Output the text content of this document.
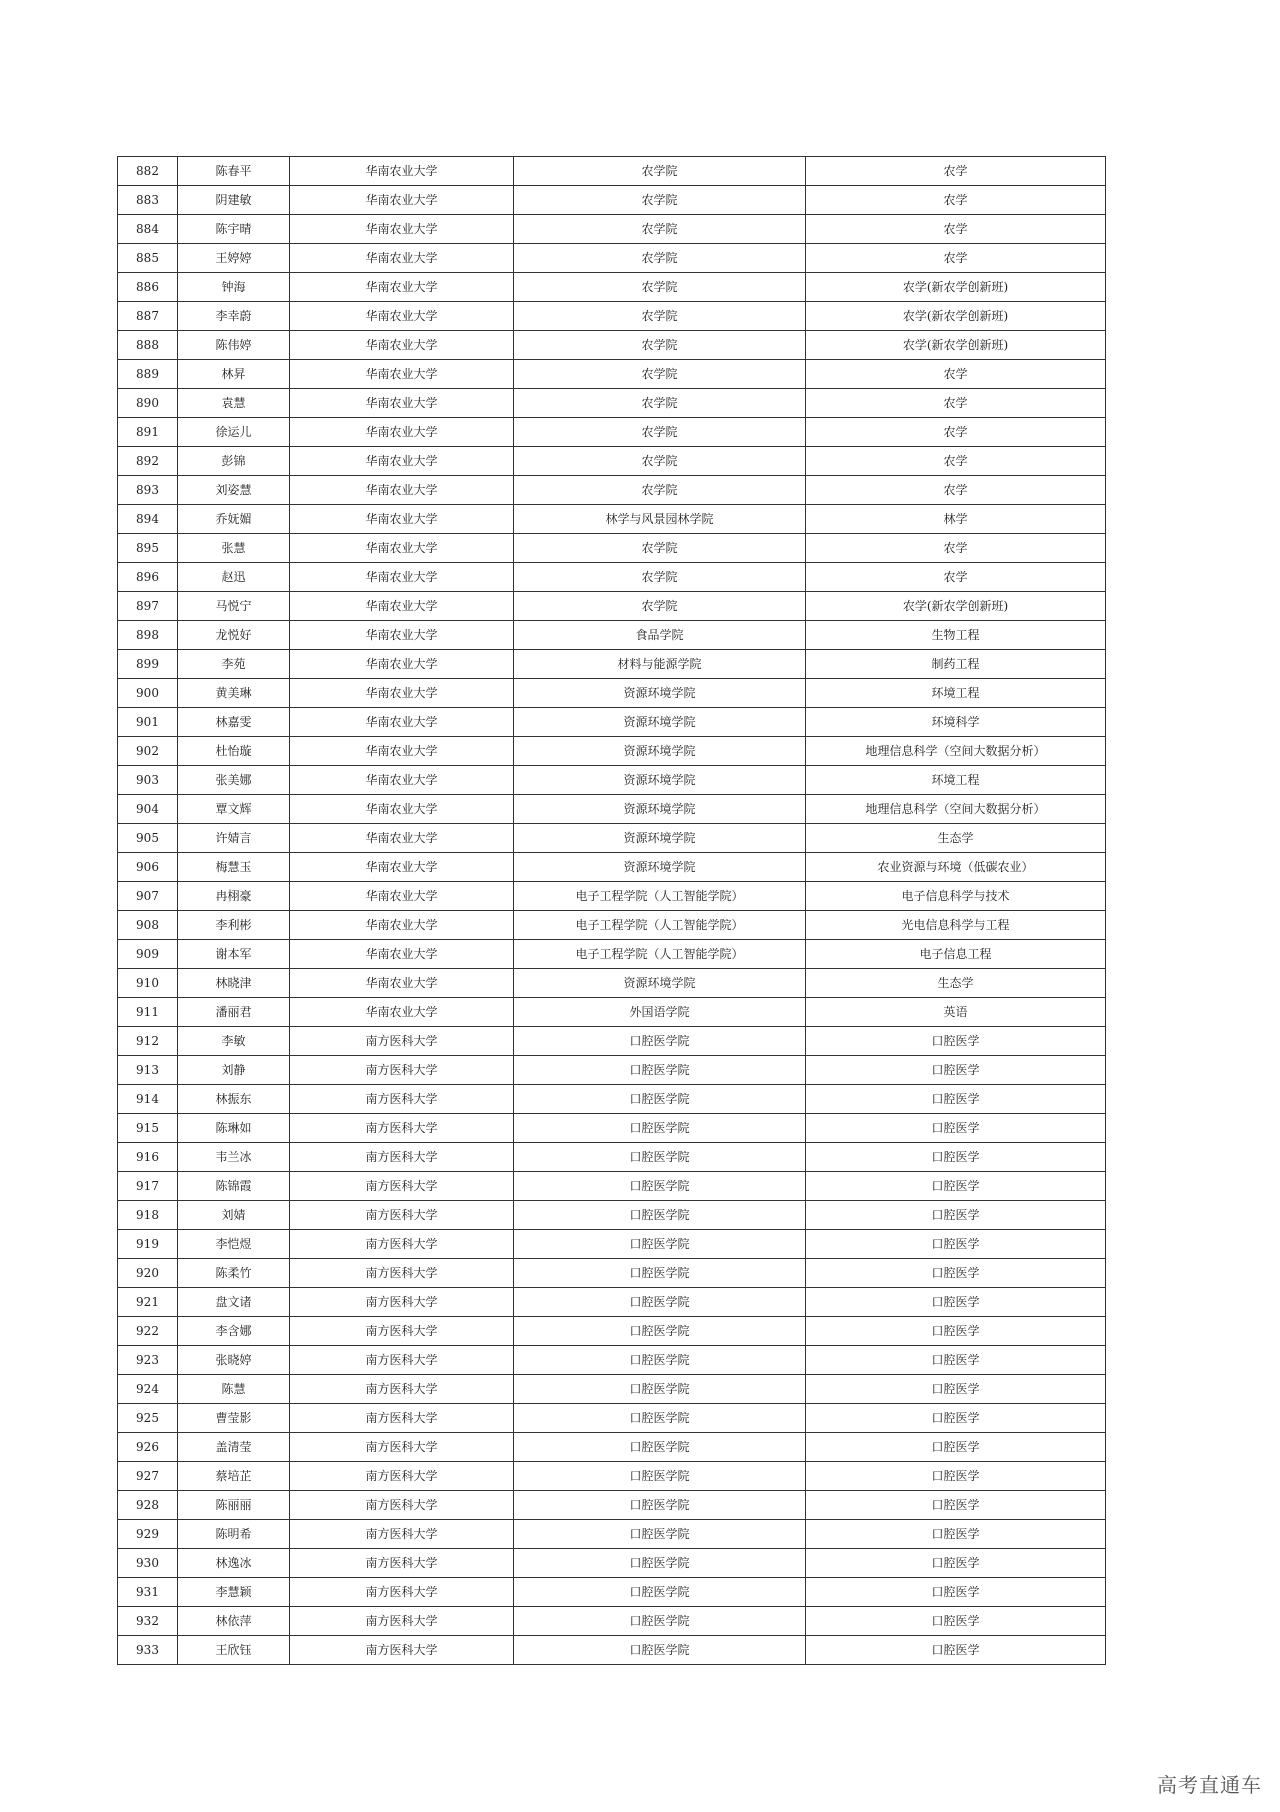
882	陈春平	华南农业大学	农学院	农学
883	阴建敏	华南农业大学	农学院	农学
884	陈宇晴	华南农业大学	农学院	农学
885	王婷婷	华南农业大学	农学院	农学
886	钟海	华南农业大学	农学院	农学(新农学创新班)
887	李幸蔚	华南农业大学	农学院	农学(新农学创新班)
888	陈伟婷	华南农业大学	农学院	农学(新农学创新班)
889	林昇	华南农业大学	农学院	农学
890	袁慧	华南农业大学	农学院	农学
891	徐运儿	华南农业大学	农学院	农学
892	彭锦	华南农业大学	农学院	农学
893	刘姿慧	华南农业大学	农学院	农学
894	乔妩媚	华南农业大学	林学与风景园林学院	林学
895	张慧	华南农业大学	农学院	农学
896	赵迅	华南农业大学	农学院	农学
897	马悦宁	华南农业大学	农学院	农学(新农学创新班)
898	龙悦好	华南农业大学	食品学院	生物工程
899	李苑	华南农业大学	材料与能源学院	制药工程
900	黄美琳	华南农业大学	资源环境学院	环境工程
901	林嘉雯	华南农业大学	资源环境学院	环境科学
902	杜怡璇	华南农业大学	资源环境学院	地理信息科学（空间大数据分析）
903	张美娜	华南农业大学	资源环境学院	环境工程
904	覃文辉	华南农业大学	资源环境学院	地理信息科学（空间大数据分析）
905	许婧言	华南农业大学	资源环境学院	生态学
906	梅慧玉	华南农业大学	资源环境学院	农业资源与环境（低碳农业）
907	冉栩豪	华南农业大学	电子工程学院（人工智能学院）	电子信息科学与技术
908	李利彬	华南农业大学	电子工程学院（人工智能学院）	光电信息科学与工程
909	谢本军	华南农业大学	电子工程学院（人工智能学院）	电子信息工程
910	林晓津	华南农业大学	资源环境学院	生态学
911	潘丽君	华南农业大学	外国语学院	英语
912	李敏	南方医科大学	口腔医学院	口腔医学
913	刘静	南方医科大学	口腔医学院	口腔医学
914	林振东	南方医科大学	口腔医学院	口腔医学
915	陈琳如	南方医科大学	口腔医学院	口腔医学
916	韦兰冰	南方医科大学	口腔医学院	口腔医学
917	陈锦霞	南方医科大学	口腔医学院	口腔医学
918	刘婧	南方医科大学	口腔医学院	口腔医学
919	李恺煜	南方医科大学	口腔医学院	口腔医学
920	陈柔竹	南方医科大学	口腔医学院	口腔医学
921	盘文诸	南方医科大学	口腔医学院	口腔医学
922	李含娜	南方医科大学	口腔医学院	口腔医学
923	张晓婷	南方医科大学	口腔医学院	口腔医学
924	陈慧	南方医科大学	口腔医学院	口腔医学
925	曹莹影	南方医科大学	口腔医学院	口腔医学
926	盖清莹	南方医科大学	口腔医学院	口腔医学
927	蔡培芷	南方医科大学	口腔医学院	口腔医学
928	陈丽丽	南方医科大学	口腔医学院	口腔医学
929	陈明希	南方医科大学	口腔医学院	口腔医学
930	林逸冰	南方医科大学	口腔医学院	口腔医学
931	李慧颖	南方医科大学	口腔医学院	口腔医学
932	林依萍	南方医科大学	口腔医学院	口腔医学
933	王欣钰	南方医科大学	口腔医学院	口腔医学
高考直通车
